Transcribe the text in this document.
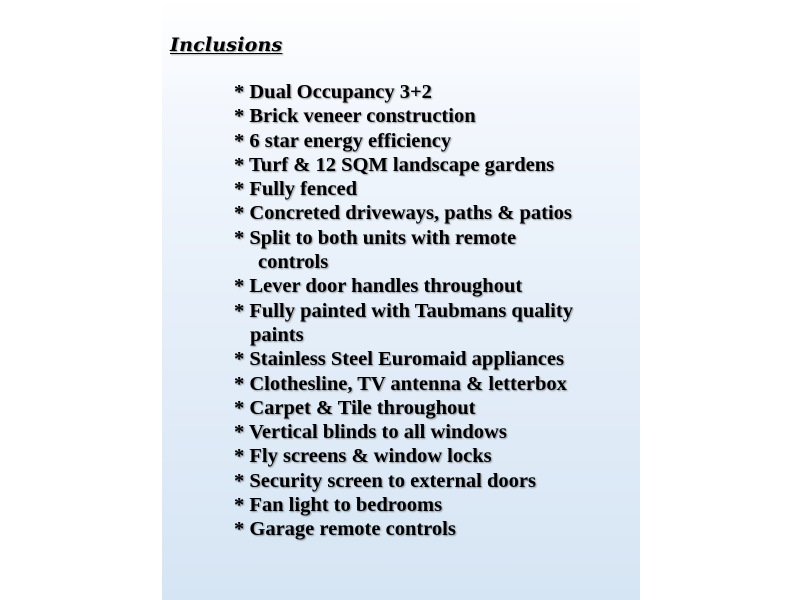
Inclusions
* Dual Occupancy 3+2
* Brick veneer construction
* 6 star energy efficiency
* Turf & 12 SQM landscape gardens
* Fully fenced
* Concreted driveways, paths & patios
* Split to both units with remote
controls
* Lever door handles throughout
* Fully painted with Taubmans quality
paints
* Stainless Steel Euromaid appliances
* Clothesline, TV antenna & letterbox
* Carpet & Tile throughout
* Vertical blinds to all windows
* Fly screens & window locks
* Security screen to external doors
* Fan light to bedrooms
* Garage remote controls
